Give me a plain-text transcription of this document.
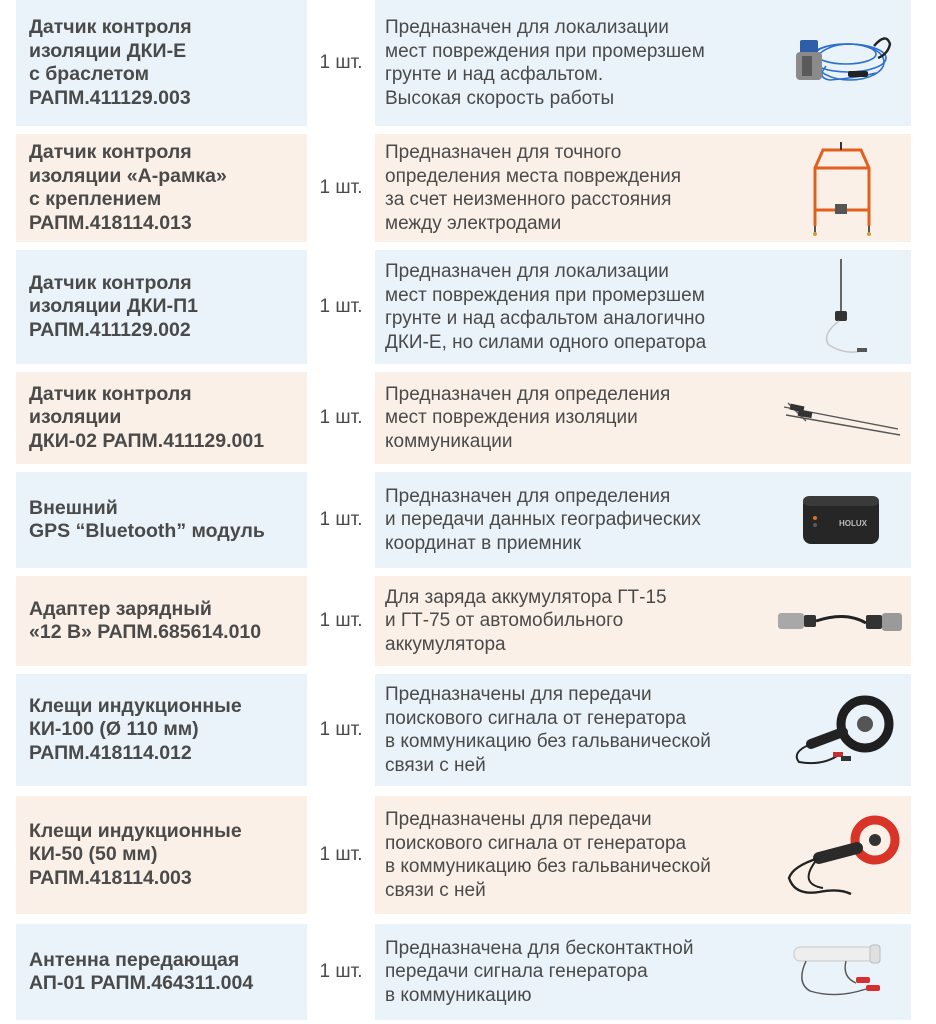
Датчик контроля
изоляции ДКИ-Е
с браслетом
РАПМ.411129.003
1 шт.
Предназначен для локализации
мест повреждения при промерзшем
грунте и над асфальтом.
Высокая скорость работы
Датчик контроля
изоляции «А-рамка»
с креплением
РАПМ.418114.013
1 шт.
Предназначен для точного
определения места повреждения
за счет неизменного расстояния
между электродами
Датчик контроля
изоляции ДКИ-П1
РАПМ.411129.002
1 шт.
Предназначен для локализации
мест повреждения при промерзшем
грунте и над асфальтом аналогично
ДКИ-Е, но силами одного оператора
Датчик контроля
изоляции
ДКИ-02 РАПМ.411129.001
1 шт.
Предназначен для определения
мест повреждения изоляции
коммуникации
Внешний
GPS “Bluetooth” модуль
1 шт.
Предназначен для определения
и передачи данных географических
координат в приемник
HOLUX
Адаптер зарядный
«12 В» РАПМ.685614.010
1 шт.
Для заряда аккумулятора ГТ-15
и ГТ-75 от автомобильного
аккумулятора
Клещи индукционные
КИ-100 (Ø 110 мм)
РАПМ.418114.012
1 шт.
Предназначены для передачи
поискового сигнала от генератора
в коммуникацию без гальванической
связи с ней
Клещи индукционные
КИ-50 (50 мм)
РАПМ.418114.003
1 шт.
Предназначены для передачи
поискового сигнала от генератора
в коммуникацию без гальванической
связи с ней
Антенна передающая
АП-01 РАПМ.464311.004
1 шт.
Предназначена для бесконтактной
передачи сигнала генератора
в коммуникацию
